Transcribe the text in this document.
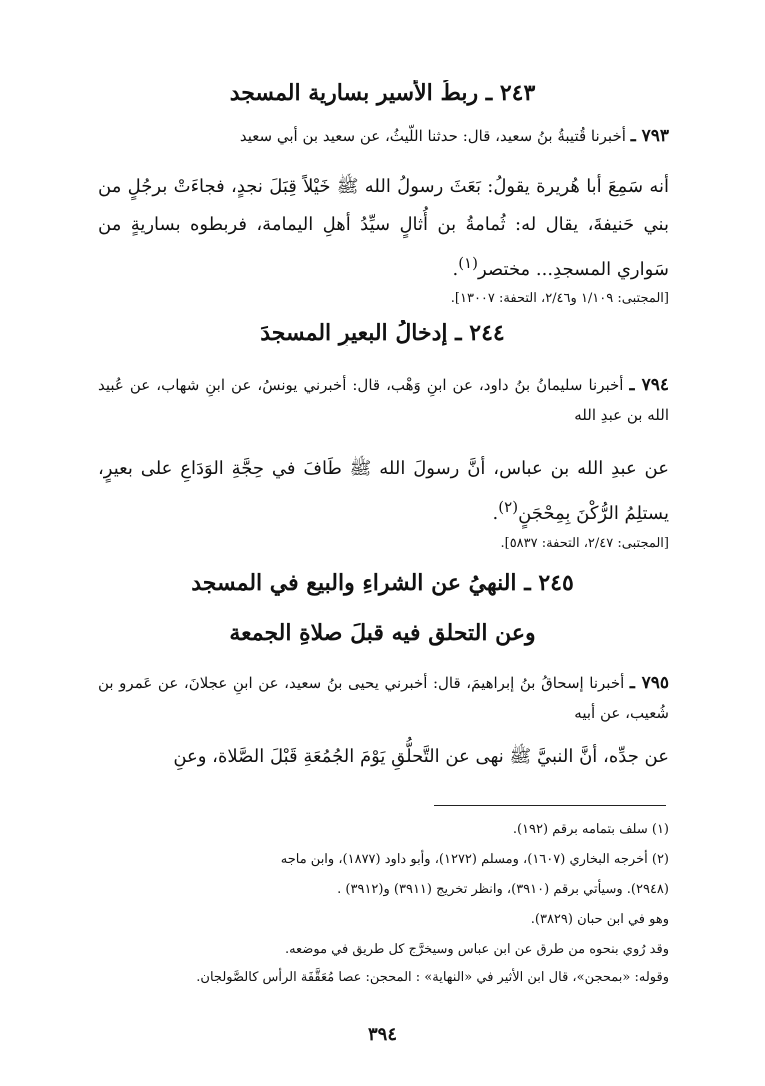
٢٤٣ ـ ربطُ الأسير بسارية المسجد
٧٩٣ ـ أخبرنا قُتيبةُ بنُ سعيد، قال: حدثنا اللّيثُ، عن سعيد بن أبي سعيد
أنه سَمِعَ أبا هُريرة يقولُ: بَعَثَ رسولُ الله ﷺ خَيْلاً قِبَلَ نجدٍ، فجاءَتْ برجُلٍ من بني حَنيفةَ، يقال له: ثُمامةُ بن أُثالٍ سيِّدُ أهلِ اليمامة، فربطوه بساريةٍ من سَواري المسجدِ... مختصر$^{(١)}$.
[المجتبى: ١/١٠٩ و٢/٤٦، التحفة: ١٣٠٠٧].
٢٤٤ ـ إدخالُ البعيرِ المسجدَ
٧٩٤ ـ أخبرنا سليمانُ بنُ داود، عن ابنِ وَهْب، قال: أخبرني يونسُ، عن ابنِ شهاب، عن عُبيد الله بن عبدِ الله
عن عبدِ الله بن عباس، أنَّ رسولَ الله ﷺ طَافَ في حِجَّةِ الوَدَاعِ على بعيرٍ، يستلِمُ الرُّكْنَ بِمِحْجَنٍ$^{(٢)}$.
[المجتبى: ٢/٤٧، التحفة: ٥٨٣٧].
٢٤٥ ـ النهيُ عن الشراءِ والبيعِ في المسجد
وعن التحلقِ فيه قبلَ صلاةِ الجمعة
٧٩٥ ـ أخبرنا إسحاقُ بنُ إبراهيمَ، قال: أخبرني يحيى بنُ سعيد، عن ابنِ عجلانَ، عن عَمرو بن شُعيب، عن أبيه
عن جدِّه، أنَّ النبيَّ ﷺ نهى عن التَّحلُّقِ يَوْمَ الجُمُعَةِ قَبْلَ الصَّلاة، وعنِ
(١) سلف بتمامه برقم (١٩٢).
(٢) أخرجه البخاري (١٦٠٧)، ومسلم (١٢٧٢)، وأبو داود (١٨٧٧)، وابن ماجه
(٢٩٤٨). وسيأتي برقم (٣٩١٠)، وانظر تخريج (٣٩١١) و(٣٩١٢) .
وهو في ابن حبان (٣٨٢٩).
وقد رُوي بنحوه من طرق عن ابن عباس وسيخرَّج كل طريق في موضعه.
وقوله: «بمحجن»، قال ابن الأثير في «النهاية» : المحجن: عصا مُعَقَّفَة الرأس كالصَّولجان.
٣٩٤
